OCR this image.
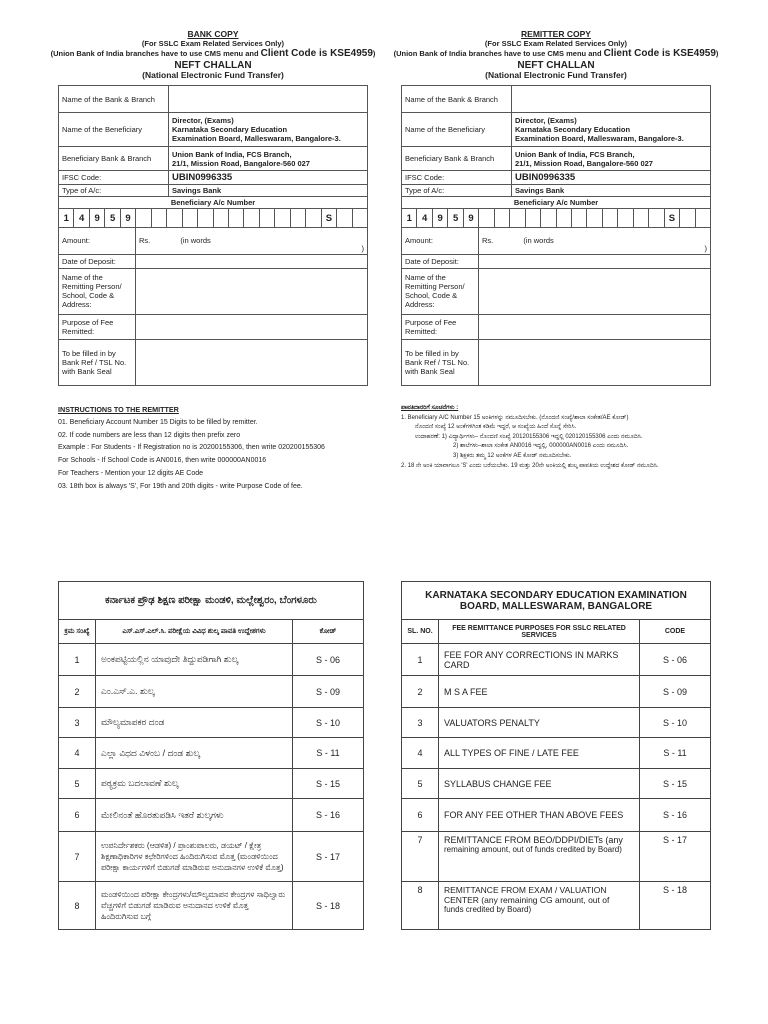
BANK COPY
(For SSLC Exam Related Services Only)
(Union Bank of India branches have to use CMS menu and Client Code is KSE4959)
NEFT CHALLAN
(National Electronic Fund Transfer)
Name of the Bank & Branch	
Name of the Beneficiary	Director, (Exams)
Karnataka Secondary Education
Examination Board, Malleswaram, Bangalore-3.

Beneficiary Bank & Branch	Union Bank of India, FCS Branch,
21/1, Mission Road, Bangalore-560 027

IFSC Code:	UBIN0996335
Type of A/c:	Savings Bank
Beneficiary A/c Number	
1	4	9	5	9	S
Amount:	Rs. (in words
)

Date of Deposit:	
Name of the Remitting Person/ School, Code & Address:	
Purpose of Fee Remitted:	
To be filled in by Bank Ref / TSL No. with Bank Seal	
REMITTER COPY
(For SSLC Exam Related Services Only)
(Union Bank of India branches have to use CMS menu and Client Code is KSE4959)
NEFT CHALLAN
(National Electronic Fund Transfer)
Name of the Bank & Branch	
Name of the Beneficiary	Director, (Exams)
Karnataka Secondary Education
Examination Board, Malleswaram, Bangalore-3.

Beneficiary Bank & Branch	Union Bank of India, FCS Branch,
21/1, Mission Road, Bangalore-560 027

IFSC Code:	UBIN0996335
Type of A/c:	Savings Bank
Beneficiary A/c Number	
1	4	9	5	9	S
Amount:	Rs. (in words
)

Date of Deposit:	
Name of the Remitting Person/ School, Code & Address:	
Purpose of Fee Remitted:	
To be filled in by Bank Ref / TSL No. with Bank Seal	
INSTRUCTIONS TO THE REMITTER
01. Beneficiary Account Number 15 Digits to be filled by remitter.
02. If code numbers are less than 12 digits then prefix zero
Example : For Students - If Registration no is 20200155306, then write 020200155306
For Schools - If School Code is AN0016, then write 000000AN0016
For Teachers - Mention your 12 digits AE Code
03. 18th box is always 'S', For 19th and 20th digits - write Purpose Code of fee.
ಪಾವತಿದಾರರಿಗೆ ಸೂಚನೆಗಳು :
1. Beneficiary A/C Number 15 ಅಂಕಿಗಳನ್ನು ನಮೂದಿಸಬೇಕು. (ನೊಂದಣಿ ಸಂಖ್ಯೆ/ಶಾಲಾ ಸಂಕೇತ/AE ಕೋಡ್)
ನೊಂದಣಿ ಸಂಖ್ಯೆ 12 ಅಂಕೆಗಳಿಗಿಂತ ಕಡಿಮೆ ಇದ್ದರೆ, ಆ ಸಂಖ್ಯೆಯ ಹಿಂದೆ ಸೊನ್ನೆ ಸೇರಿಸಿ.
ಉದಾಹರಣೆ: 1) ವಿದ್ಯಾರ್ಥಿಗಳು– ನೊಂದಣಿ ಸಂಖ್ಯೆ 20120155306 ಇದ್ದಲ್ಲಿ 020120155306 ಎಂದು ನಮೂದಿಸಿ.
2) ಶಾಲೆಗಳು–ಶಾಲಾ ಸಂಕೇತ AN0016 ಇದ್ದಲ್ಲಿ, 000000AN0016 ಎಂದು ನಮೂದಿಸಿ.
3) ಶಿಕ್ಷಕರು ತಮ್ಮ 12 ಅಂಕೆಗಳ AE ಕೋಡ್ ನಮೂದಿಸಬೇಕು.
2. 18 ನೇ ಅಂಕಿ ಯಾವಾಗಲೂ 'S' ಎಂದು ಬರೆಯಬೇಕು. 19 ಮತ್ತು 20ನೇ ಅಂಕಿಯಲ್ಲಿ ಶುಲ್ಕ ಪಾವತಿಯ ಉದ್ದೇಶದ ಕೋಡ್ ನಮೂದಿಸಿ.
ಕರ್ನಾಟಕ ಪ್ರೌಢ ಶಿಕ್ಷಣ ಪರೀಕ್ಷಾ ಮಂಡಳಿ, ಮಲ್ಲೇಶ್ವರಂ, ಬೆಂಗಳೂರು		
ಕ್ರಮ ಸಂಖ್ಯೆ	ಎಸ್.ಎಸ್.ಎಲ್.ಸಿ. ಪರೀಕ್ಷೆಯ ವಿವಿಧ ಶುಲ್ಕ ಪಾವತಿ ಉದ್ದೇಶಗಳು	ಕೋಡ್
1	ಅಂಕಪಟ್ಟಿಯಲ್ಲಿನ ಯಾವುದೇ ತಿದ್ದುಪಡಿಗಾಗಿ ಶುಲ್ಕ	S - 06
2	ಎಂ.ಎಸ್.ಎ. ಶುಲ್ಕ	S - 09
3	ಮೌಲ್ಯಮಾಪಕರ ದಂಡ	S - 10
4	ಎಲ್ಲಾ ವಿಧದ ವಿಳಂಬ / ದಂಡ ಶುಲ್ಕ	S - 11
5	ಪಠ್ಯಕ್ರಮ ಬದಲಾವಣೆ ಶುಲ್ಕ	S - 15
6	ಮೇಲಿನಂತೆ ಹೊರತುಪಡಿಸಿ ಇತರೆ ಶುಲ್ಕಗಳು	S - 16
7	ಉಪನಿರ್ದೇಶಕರು (ಆಡಳಿತ) / ಪ್ರಾಂಶುಪಾಲರು, ಡಯಟ್ / ಕ್ಷೇತ್ರ ಶಿಕ್ಷಣಾಧಿಕಾರಿಗಳ ಕಛೇರಿಗಳಿಂದ ಹಿಂದಿರುಗಿಸುವ ಮೊತ್ತ (ಮಂಡಳಿಯಿಂದ ಪರೀಕ್ಷಾ ಕಾರ್ಯಗಳಿಗೆ ಬಿಡುಗಡೆ ಮಾಡಿರುವ ಅನುದಾನಗಳ ಉಳಿಕೆ ಮೊತ್ತ)	S - 17
8	ಮಂಡಳಿಯಿಂದ ಪರೀಕ್ಷಾ ಕೇಂದ್ರಗಳು/ಮೌಲ್ಯಮಾಪನ ಕೇಂದ್ರಗಳ ಸಾಧಿಲ್ವಾರು ವೆಚ್ಚಗಳಿಗೆ ಬಿಡುಗಡೆ ಮಾಡಿರುವ ಅನುದಾನದ ಉಳಿಕೆ ಮೊತ್ತ ಹಿಂದಿರುಗಿಸುವ ಬಗ್ಗೆ	S - 18
KARNATAKA SECONDARY EDUCATION EXAMINATION
BOARD, MALLESWARAM, BANGALORE		

SL. NO.	FEE REMITTANCE PURPOSES FOR SSLC RELATED SERVICES	CODE
1	FEE FOR ANY CORRECTIONS IN MARKS CARD	S - 06
2	M S A FEE	S - 09
3	VALUATORS PENALTY	S - 10
4	ALL TYPES OF FINE / LATE FEE	S - 11
5	SYLLABUS CHANGE FEE	S - 15
6	FOR ANY FEE OTHER THAN ABOVE FEES	S - 16
7	REMITTANCE FROM BEO/DDPI/DIETs (any
remaining amount, out of funds credited by Board)	S - 17
8	REMITTANCE FROM EXAM / VALUATION CENTER (any remaining CG amount, out of
funds credited by Board)	S - 18
